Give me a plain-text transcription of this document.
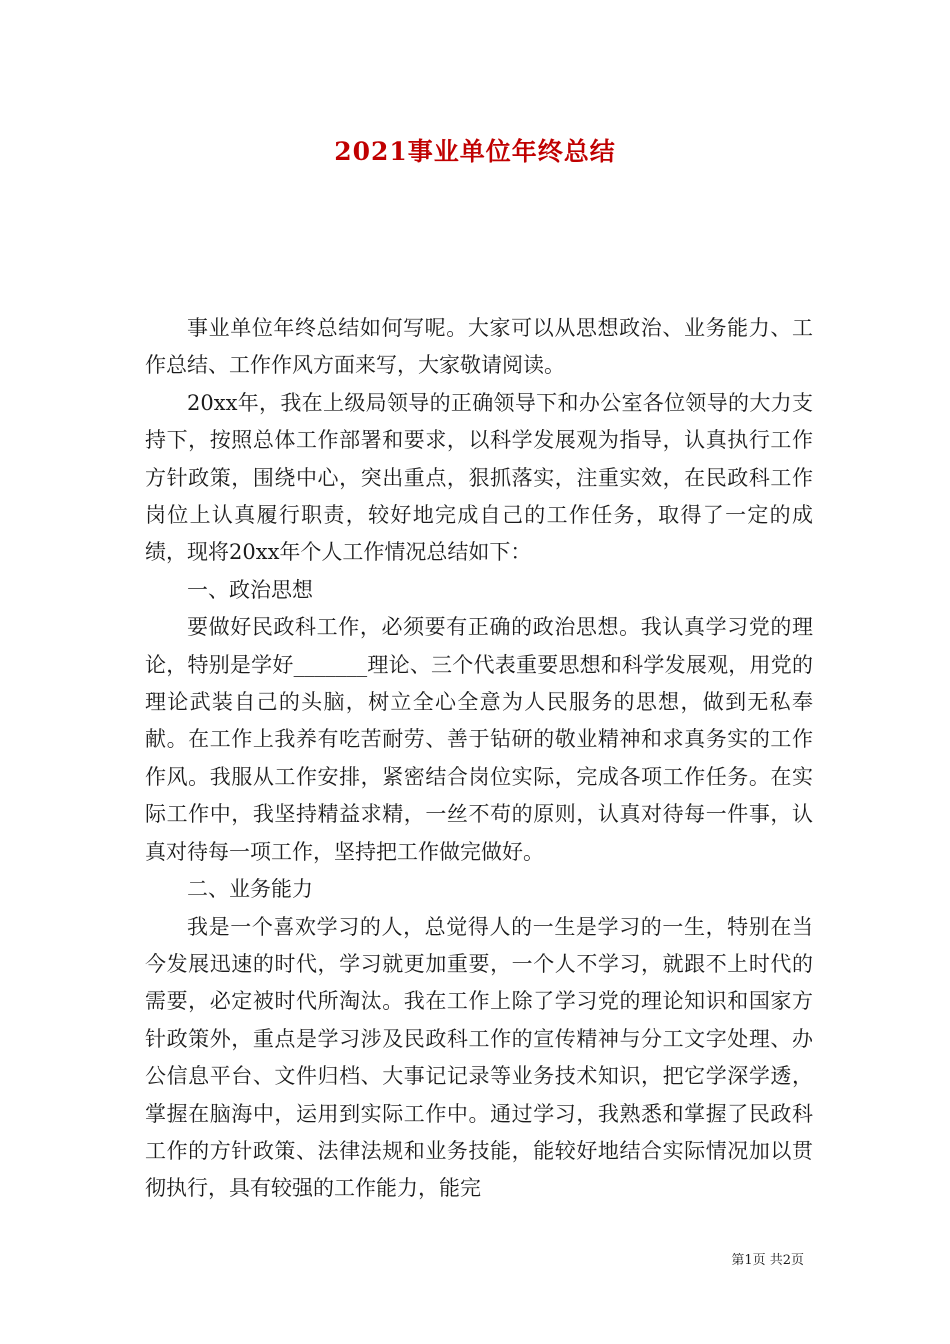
2021事业单位年终总结

事业单位年终总结如何写呢。大家可以从思想政治、业务能力、工作总结、工作作风方面来写，大家敬请阅读。

20xx年，我在上级局领导的正确领导下和办公室各位领导的大力支持下，按照总体工作部署和要求，以科学发展观为指导，认真执行工作方针政策，围绕中心，突出重点，狠抓落实，注重实效，在民政科工作岗位上认真履行职责，较好地完成自己的工作任务，取得了一定的成绩，现将20xx年个人工作情况总结如下：

一、政治思想

要做好民政科工作，必须要有正确的政治思想。我认真学习党的理论，特别是学好_______理论、三个代表重要思想和科学发展观，用党的理论武装自己的头脑，树立全心全意为人民服务的思想，做到无私奉献。在工作上我养有吃苦耐劳、善于钻研的敬业精神和求真务实的工作作风。我服从工作安排，紧密结合岗位实际，完成各项工作任务。在实际工作中，我坚持精益求精，一丝不苟的原则，认真对待每一件事，认真对待每一项工作，坚持把工作做完做好。

二、业务能力

我是一个喜欢学习的人，总觉得人的一生是学习的一生，特别在当今发展迅速的时代，学习就更加重要，一个人不学习，就跟不上时代的需要，必定被时代所淘汰。我在工作上除了学习党的理论知识和国家方针政策外，重点是学习涉及民政科工作的宣传精神与分工文字处理、办公信息平台、文件归档、大事记记录等业务技术知识，把它学深学透，掌握在脑海中，运用到实际工作中。通过学习，我熟悉和掌握了民政科工作的方针政策、法律法规和业务技能，能较好地结合实际情况加以贯彻执行，具有较强的工作能力，能完

第1页 共2页
